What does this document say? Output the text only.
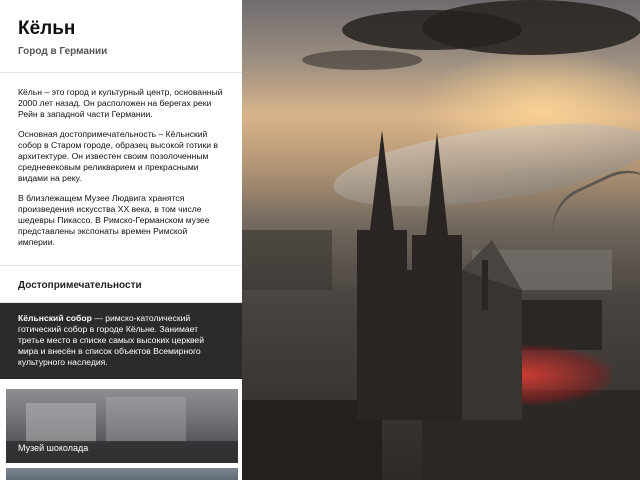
Кёльн
Город в Германии

Кёльн – это город и культурный центр, основанный 2000 лет назад. Он расположен на берегах реки Рейн в западной части Германии.

Основная достопримечательность – Кёльнский собор в Старом городе, образец высокой готики в архитектуре. Он известен своим позолоченным средневековым реликварием и прекрасными видами на реку.

В близлежащем Музее Людвига хранятся произведения искусства XX века, в том числе шедевры Пикассо. В Римско-Германском музее представлены экспонаты времен Римской империи.

Достопримечательности
Кёльнский собор — римско-католический готический собор в городе Кёльне. Занимает третье место в списке самых высоких церквей мира и внесён в список объектов Всемирного культурного наследия.
Музей шоколада
